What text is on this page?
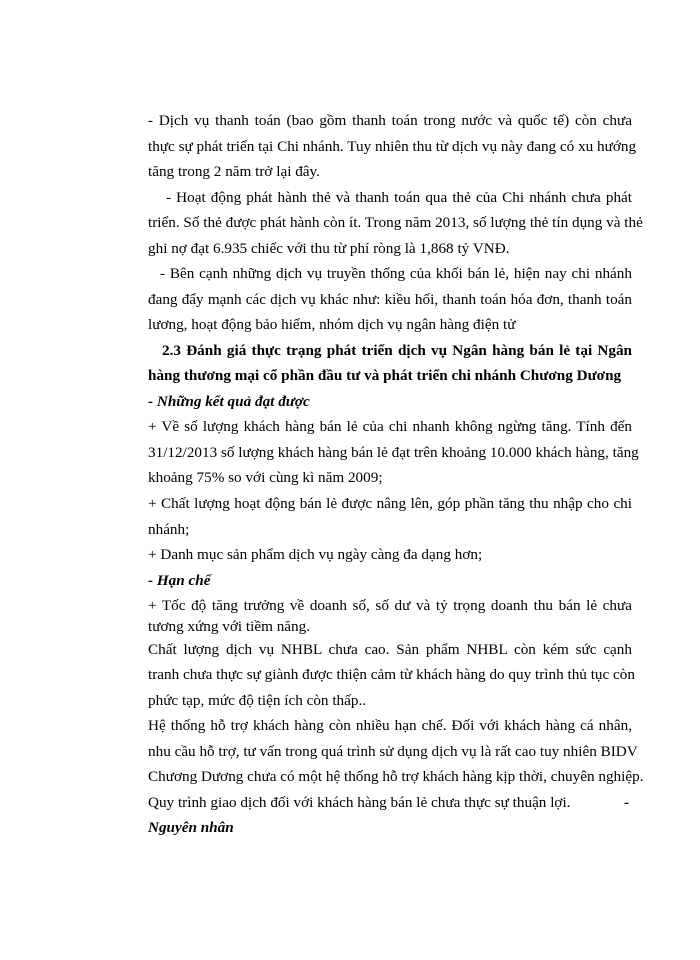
- Dịch vụ thanh toán (bao gồm thanh toán trong nước và quốc tế) còn chưa
thực sự phát triển tại Chi nhánh. Tuy nhiên thu từ dịch vụ này đang có xu hướng
tăng trong 2 năm trở lại đây.
- Hoạt động phát hành thẻ và thanh toán qua thẻ của Chi nhánh chưa phát
triển. Số thẻ được phát hành còn ít. Trong năm 2013, số lượng thẻ tín dụng và thẻ
ghi nợ đạt 6.935 chiếc với thu từ phí ròng là 1,868 tỷ VNĐ.
- Bên cạnh những dịch vụ truyền thống của khối bán lẻ, hiện nay chi nhánh
đang đẩy mạnh các dịch vụ khác như: kiều hối, thanh toán hóa đơn, thanh toán
lương, hoạt động bảo hiểm, nhóm dịch vụ ngân hàng điện tử
2.3 Đánh giá thực trạng phát triển dịch vụ Ngân hàng bán lẻ tại Ngân
hàng thương mại cổ phần đầu tư và phát triển chi nhánh Chương Dương
- Những kết quả đạt được
+ Về số lượng khách hàng bán lẻ của chi nhanh không ngừng tăng. Tính đến
31/12/2013 số lượng khách hàng bán lẻ đạt trên khoảng 10.000 khách hàng, tăng
khoảng 75% so với cùng kì năm 2009;
+ Chất lượng hoạt động bán lẻ được nâng lên, góp phần tăng thu nhập cho chi
nhánh;
+ Danh mục sản phẩm dịch vụ ngày càng đa dạng hơn;
- Hạn chế
+ Tốc độ tăng trưởng về doanh số, số dư và tỷ trọng doanh thu bán lẻ chưa
tương xứng với tiềm năng.
Chất lượng dịch vụ NHBL chưa cao. Sản phẩm NHBL còn kém sức cạnh
tranh chưa thực sự giành được thiện cảm từ khách hàng do quy trình thủ tục còn
phức tạp, mức độ tiện ích còn thấp..
Hệ thống hỗ trợ khách hàng còn nhiều hạn chế. Đối với khách hàng cá nhân,
nhu cầu hỗ trợ, tư vấn trong quá trình sử dụng dịch vụ là rất cao tuy nhiên BIDV
Chương Dương chưa có một hệ thống hỗ trợ khách hàng kịp thời, chuyên nghiệp.
Quy trình giao dịch đối với khách hàng bán lẻ chưa thực sự thuận lợi.	-
Nguyên nhân
